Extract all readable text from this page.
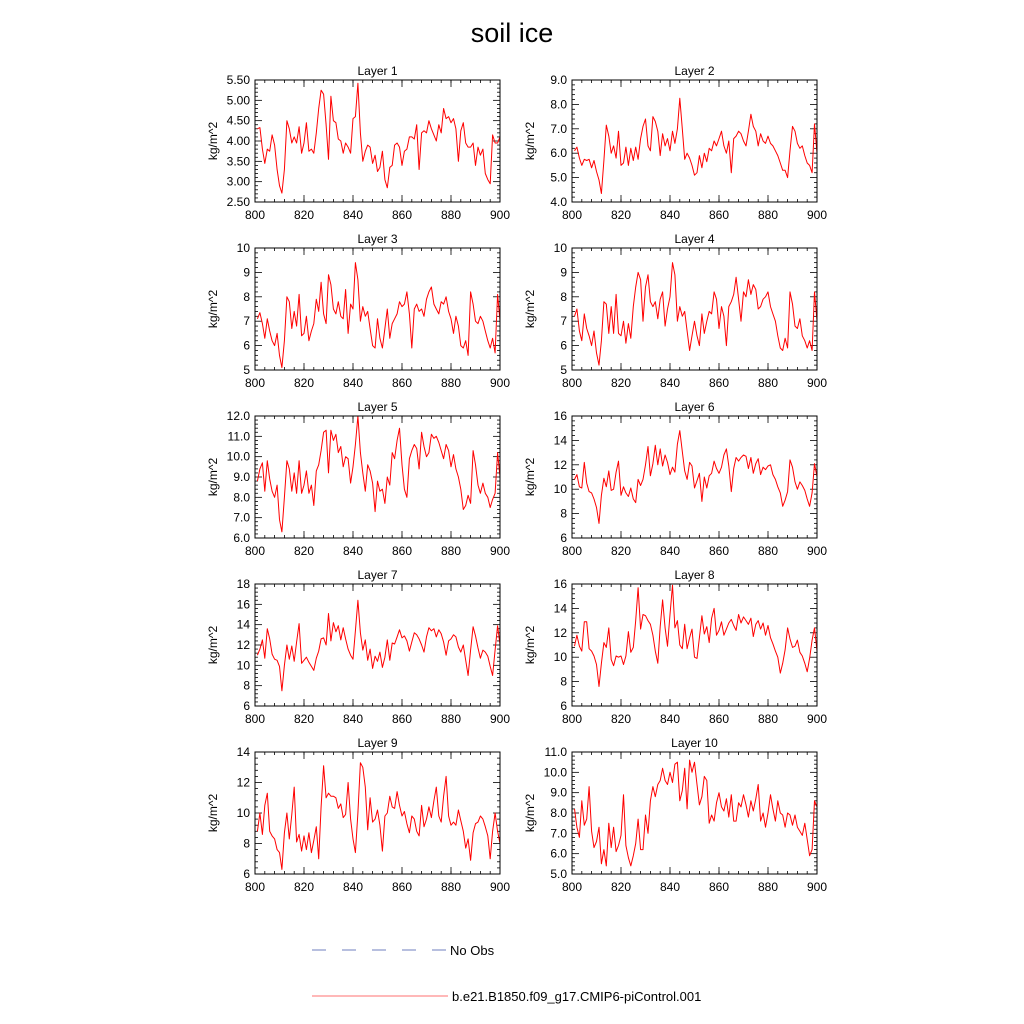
soil ice
Layer 1
kg/m^2
800 820 840 860 880 900
2.50
3.00
3.50
4.00
4.50
5.00
5.50
Layer 2
kg/m^2
800 820 840 860 880 900
4.0
5.0
6.0
7.0
8.0
9.0
Layer 3
kg/m^2
800 820 840 860 880 900
5
6
7
8
9
10
Layer 4
kg/m^2
800 820 840 860 880 900
5
6
7
8
9
10
Layer 5
kg/m^2
800 820 840 860 880 900
6.0
7.0
8.0
9.0
10.0
11.0
12.0
Layer 6
kg/m^2
800 820 840 860 880 900
6
8
10
12
14
16
Layer 7
kg/m^2
800 820 840 860 880 900
6
8
10
12
14
16
18
Layer 8
kg/m^2
800 820 840 860 880 900
6
8
10
12
14
16
Layer 9
kg/m^2
800 820 840 860 880 900
6
8
10
12
14
Layer 10
kg/m^2
800 820 840 860 880 900
5.0
6.0
7.0
8.0
9.0
10.0
11.0
No Obs
b.e21.B1850.f09_g17.CMIP6-piControl.001
